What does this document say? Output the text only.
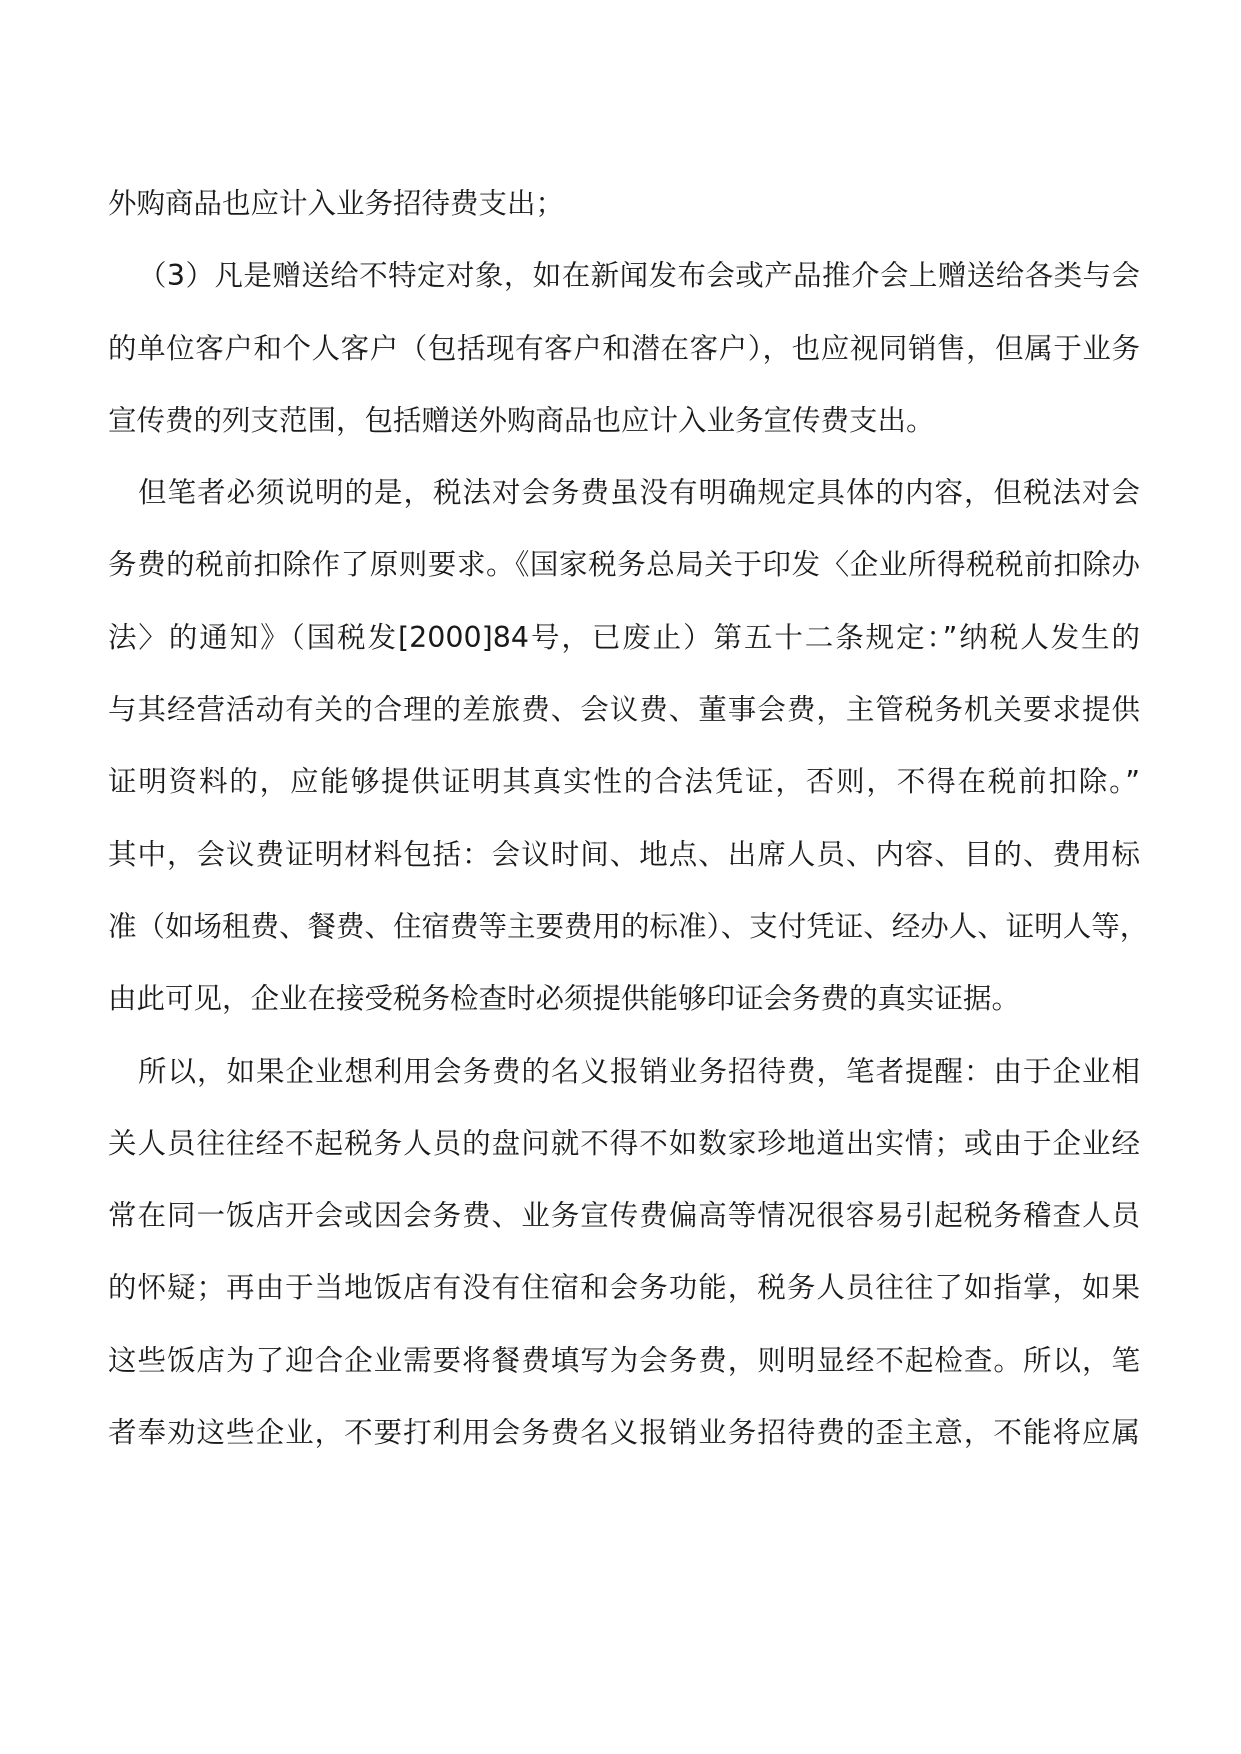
外购商品也应计入业务招待费支出；
（3）凡是赠送给不特定对象，如在新闻发布会或产品推介会上赠送给各类与会
的单位客户和个人客户（包括现有客户和潜在客户），也应视同销售，但属于业务
宣传费的列支范围，包括赠送外购商品也应计入业务宣传费支出。
但笔者必须说明的是，税法对会务费虽没有明确规定具体的内容，但税法对会
务费的税前扣除作了原则要求。《国家税务总局关于印发〈企业所得税税前扣除办
法〉的通知》（国税发[2000]84号，已废止）第五十二条规定：”纳税人发生的
与其经营活动有关的合理的差旅费、会议费、董事会费，主管税务机关要求提供
证明资料的，应能够提供证明其真实性的合法凭证，否则，不得在税前扣除。”
其中，会议费证明材料包括：会议时间、地点、出席人员、内容、目的、费用标
准（如场租费、餐费、住宿费等主要费用的标准）、支付凭证、经办人、证明人等，
由此可见，企业在接受税务检查时必须提供能够印证会务费的真实证据。
所以，如果企业想利用会务费的名义报销业务招待费，笔者提醒：由于企业相
关人员往往经不起税务人员的盘问就不得不如数家珍地道出实情；或由于企业经
常在同一饭店开会或因会务费、业务宣传费偏高等情况很容易引起税务稽查人员
的怀疑；再由于当地饭店有没有住宿和会务功能，税务人员往往了如指掌，如果
这些饭店为了迎合企业需要将餐费填写为会务费，则明显经不起检查。所以，笔
者奉劝这些企业，不要打利用会务费名义报销业务招待费的歪主意，不能将应属
